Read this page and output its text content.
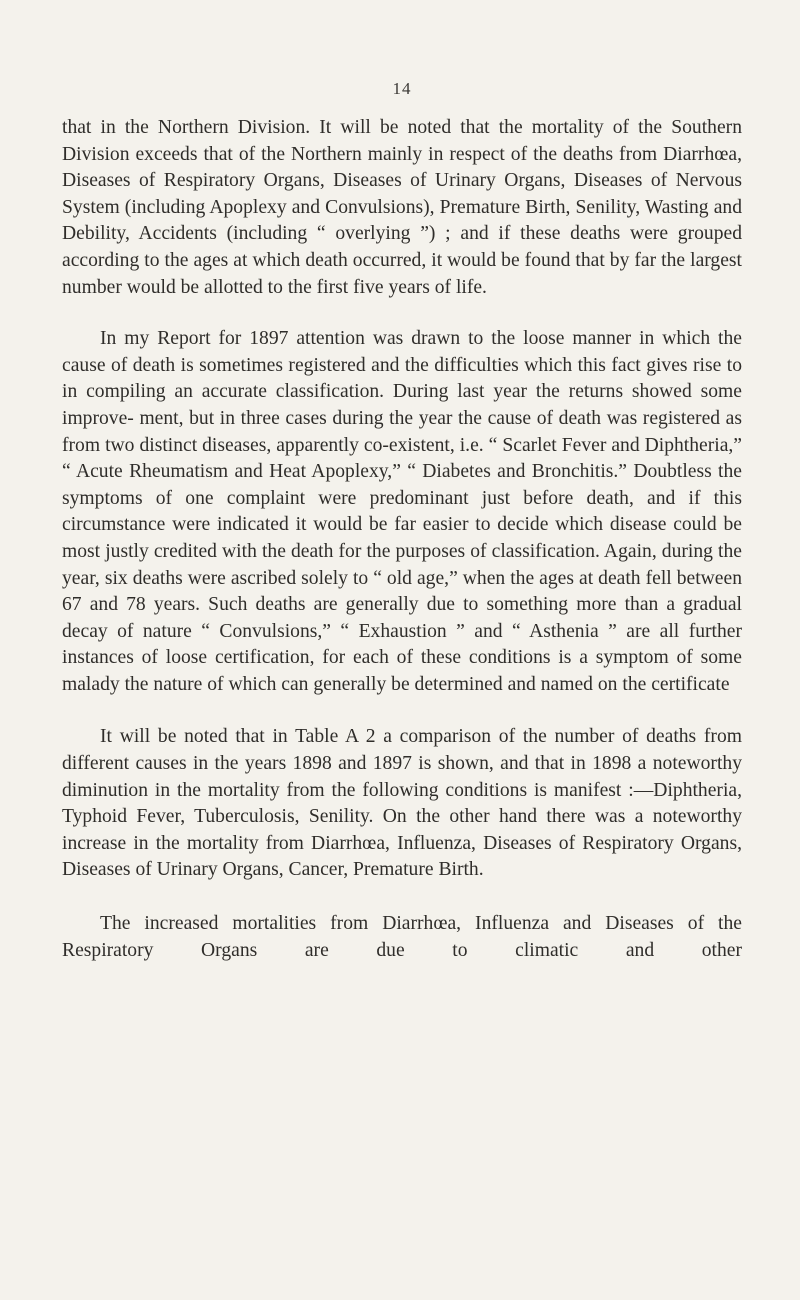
14

that in the Northern Division. It will be noted that the mortality of the Southern Division exceeds that of the Northern mainly in respect of the deaths from Diarrhœa, Diseases of Respiratory Organs, Diseases of Urinary Organs, Diseases of Nervous System (including Apoplexy and Convulsions), Premature Birth, Senility, Wasting and Debility, Accidents (including “ overlying ”) ; and if these deaths were grouped according to the ages at which death occurred, it would be found that by far the largest number would be allotted to the first five years of life.

In my Report for 1897 attention was drawn to the loose manner in which the cause of death is sometimes registered and the difficulties which this fact gives rise to in compiling an accurate classification. During last year the returns showed some improve- ment, but in three cases during the year the cause of death was registered as from two distinct diseases, apparently co-existent, i.e. “ Scarlet Fever and Diphtheria,” “ Acute Rheumatism and Heat Apoplexy,” “ Diabetes and Bronchitis.” Doubtless the symptoms of one complaint were predominant just before death, and if this circumstance were indicated it would be far easier to decide which disease could be most justly credited with the death for the purposes of classification. Again, during the year, six deaths were ascribed solely to “ old age,” when the ages at death fell between 67 and 78 years. Such deaths are generally due to something more than a gradual decay of nature “ Convulsions,” “ Exhaustion ” and “ Asthenia ” are all further instances of loose certification, for each of these conditions is a symptom of some malady the nature of which can generally be determined and named on the certificate

It will be noted that in Table A 2 a comparison of the number of deaths from different causes in the years 1898 and 1897 is shown, and that in 1898 a noteworthy diminution in the mortality from the following conditions is manifest :—Diphtheria, Typhoid Fever, Tuberculosis, Senility. On the other hand there was a noteworthy increase in the mortality from Diarrhœa, Influenza, Diseases of Respiratory Organs, Diseases of Urinary Organs, Cancer, Premature Birth.

The increased mortalities from Diarrhœa, Influenza and Diseases of the Respiratory Organs are due to climatic and other
